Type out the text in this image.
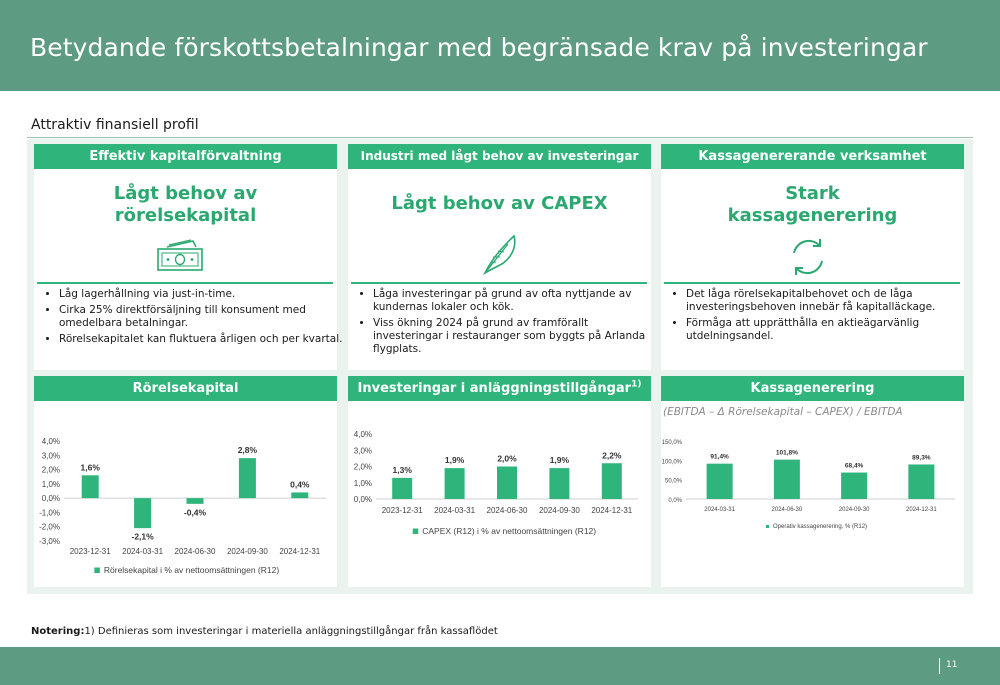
Betydande förskottsbetalningar med begränsade krav på investeringar
Attraktiv finansiell profil
Effektiv kapitalförvaltning
Lågt behov av
rörelsekapital
• Låg lagerhållning via just-in-time.
• Cirka 25% direktförsäljning till konsument med omedelbara betalningar.
• Rörelsekapitalet kan fluktuera årligen och per kvartal.
Rörelsekapital
4,0%
3,0%
2,0%
1,0%
0,0%
-1,0%
-2,0%
-3,0%
1,6%
2023-12-31
-2,1%
2024-03-31
-0,4%
2024-06-30
2,8%
2024-09-30
0,4%
2024-12-31
Rörelsekapital i % av nettoomsättningen (R12)
Industri med lågt behov av investeringar
Lågt behov av CAPEX
• Låga investeringar på grund av ofta nyttjande av kundernas lokaler och kök.
• Viss ökning 2024 på grund av framförallt investeringar i restauranger som byggts på Arlanda flygplats.
Investeringar i anläggningstillgångar$^{1)}$
4,0%
3,0%
2,0%
1,0%
0,0%
1,3%
2023-12-31
1,9%
2024-03-31
2,0%
2024-06-30
1,9%
2024-09-30
2,2%
2024-12-31
CAPEX (R12) i % av nettoomsättningen (R12)
Kassagenererande verksamhet
Stark
kassagenerering
• Det låga rörelsekapitalbehovet och de låga investeringsbehoven innebär få kapitalläckage.
• Förmåga att upprätthålla en aktieägarvänlig utdelningsandel.
Kassagenerering
(EBITDA – Δ Rörelsekapital – CAPEX) / EBITDA
150,0%
100,0%
50,0%
0,0%
91,4%
2024-03-31
101,8%
2024-06-30
68,4%
2024-09-30
89,3%
2024-12-31
Operativ kassagenerering, % (R12)
Notering:1) Definieras som investeringar i materiella anläggningstillgångar från kassaflödet
11
